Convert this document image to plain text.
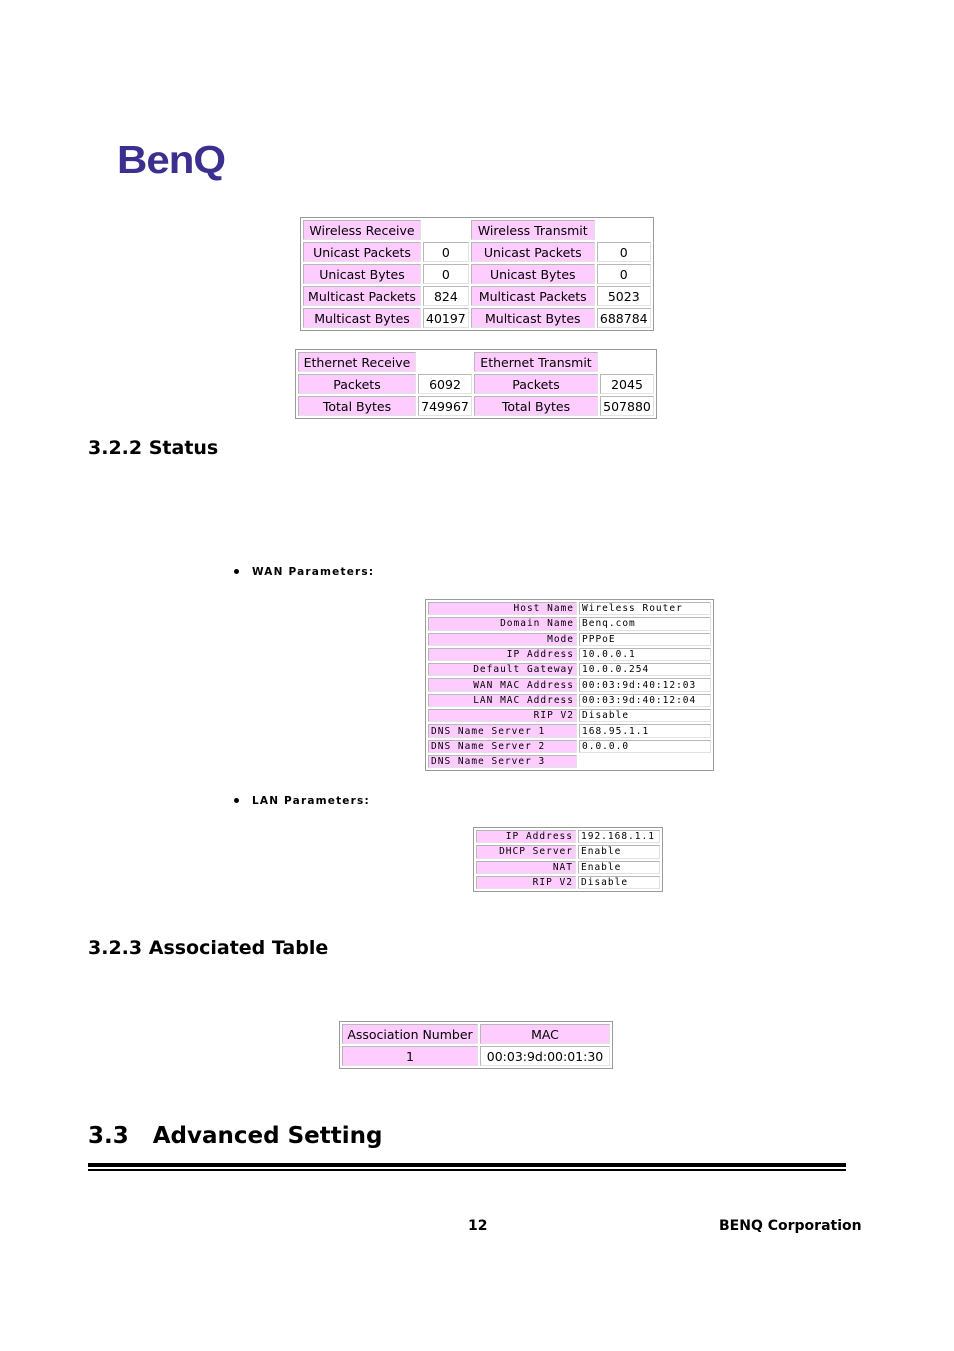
BenQ
Wireless Receive		Wireless Transmit	
Unicast Packets	0	Unicast Packets	0
Unicast Bytes	0	Unicast Bytes	0
Multicast Packets	824	Multicast Packets	5023
Multicast Bytes	40197	Multicast Bytes	688784
Ethernet Receive		Ethernet Transmit	
Packets	6092	Packets	2045
Total Bytes	749967	Total Bytes	507880
3.2.2 Status
WAN Parameters:
Host Name	Wireless Router
Domain Name	Benq.com
Mode	PPPoE
IP Address	10.0.0.1
Default Gateway	10.0.0.254
WAN MAC Address	00:03:9d:40:12:03
LAN MAC Address	00:03:9d:40:12:04
RIP V2	Disable
DNS Name Server 1	168.95.1.1
DNS Name Server 2	0.0.0.0
DNS Name Server 3	
LAN Parameters:
IP Address	192.168.1.1
DHCP Server	Enable
NAT	Enable
RIP V2	Disable
3.2.3 Associated Table
Association Number	MAC
1	00:03:9d:00:01:30
3.3 Advanced Setting
12	BENQ Corporation
